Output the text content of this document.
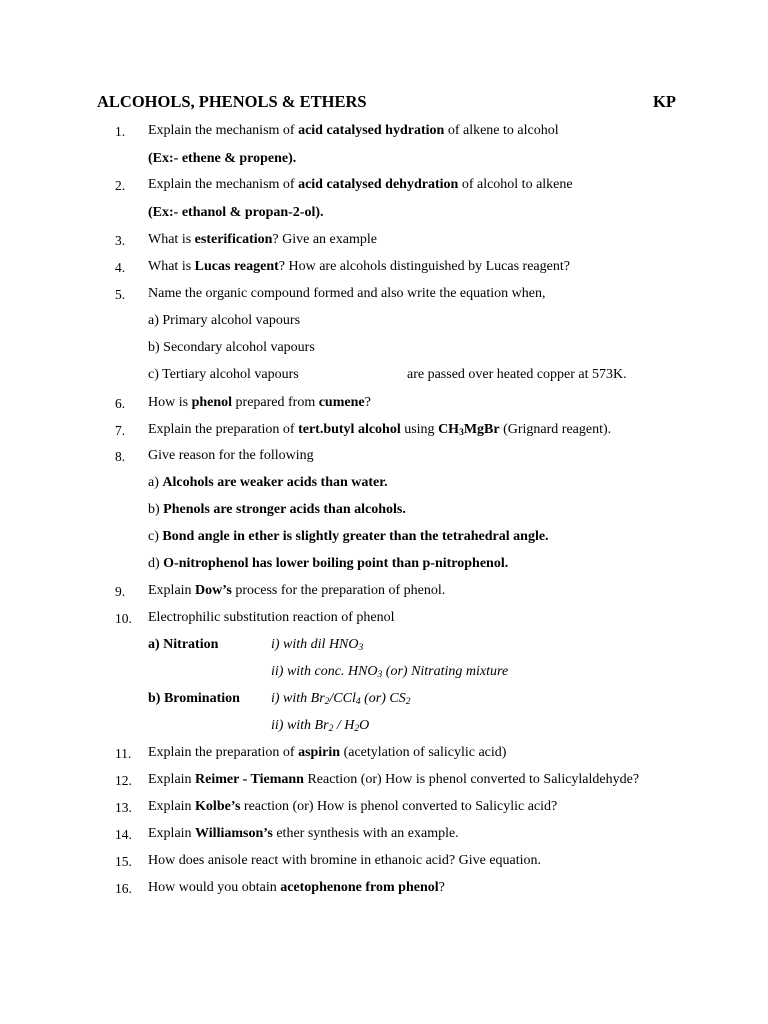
ALCOHOLS, PHENOLS & ETHERS	KP
1.	Explain the mechanism of acid catalysed hydration of alkene to alcohol
(Ex:- ethene & propene).
2.	Explain the mechanism of acid catalysed dehydration of alcohol to alkene
(Ex:- ethanol & propan-2-ol).
3.	What is esterification? Give an example
4.	What is Lucas reagent? How are alcohols distinguished by Lucas reagent?
5.	Name the organic compound formed and also write the equation when,
a) Primary alcohol vapours
b) Secondary alcohol vapours
c) Tertiary alcohol vapours	are passed over heated copper at 573K.
6.	How is phenol prepared from cumene?
7.	Explain the preparation of tert.butyl alcohol using $CH_3MgBr$ (Grignard reagent).
8.	Give reason for the following
a) Alcohols are weaker acids than water.
b) Phenols are stronger acids than alcohols.
c) Bond angle in ether is slightly greater than the tetrahedral angle.
d) O-nitrophenol has lower boiling point than p-nitrophenol.
9.	Explain Dow’s process for the preparation of phenol.
10.	Electrophilic substitution reaction of phenol
a) Nitration	i) with dil $HNO_3$
ii) with conc. $HNO_3$ (or) Nitrating mixture
b) Bromination i) with $Br_2/CCl_4$ (or) $CS_2$
ii) with $Br_2 / H_2O$
11.	Explain the preparation of aspirin (acetylation of salicylic acid)
12.	Explain Reimer - Tiemann Reaction (or) How is phenol converted to Salicylaldehyde?
13.	Explain Kolbe’s reaction (or) How is phenol converted to Salicylic acid?
14.	Explain Williamson’s ether synthesis with an example.
15.	How does anisole react with bromine in ethanoic acid? Give equation.
16.	How would you obtain acetophenone from phenol?
